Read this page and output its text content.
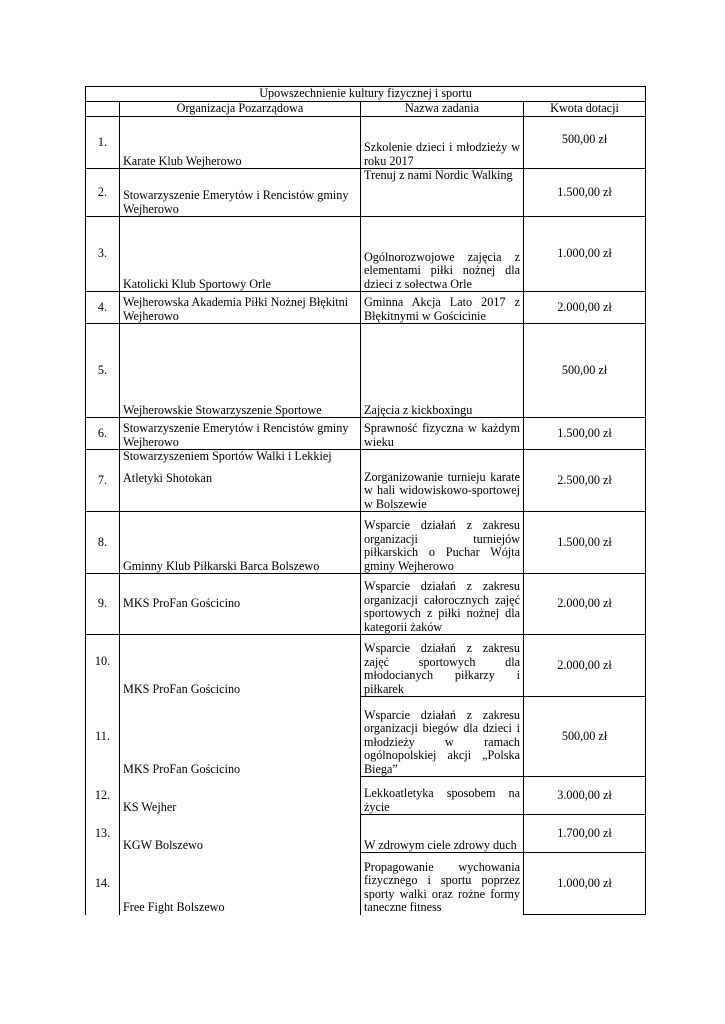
Upowszechnienie kultury fizycznej i sportu			
	Organizacja Pozarządowa	Nazwa zadania	Kwota dotacji
1.	Karate Klub Wejherowo	Szkolenie dzieci i młodzieży w roku 2017	500,00 zł
2.	Stowarzyszenie Emerytów i Rencistów gminy Wejherowo	Trenuj z nami Nordic Walking	1.500,00 zł
3.	Katolicki Klub Sportowy Orle	Ogólnorozwojowe zajęcia z elementami piłki nożnej dla dzieci z sołectwa Orle	1.000,00 zł
4.	Wejherowska Akademia Piłki Nożnej Błękitni Wejherowo	Gminna Akcja Lato 2017 z Błękitnymi w Gościcinie	2.000,00 zł
5.	Wejherowskie Stowarzyszenie Sportowe	Zajęcia z kickboxingu	500,00 zł
6.	Stowarzyszenie Emerytów i Rencistów gminy Wejherowo	Sprawność fizyczna w każdym wieku	1.500,00 zł
7.	Stowarzyszeniem Sportów Walki i Lekkiej
Atletyki Shotokan	Zorganizowanie turnieju karate w hali widowiskowo-sportowej w Bolszewie	2.500,00 zł
8.	Gminny Klub Piłkarski Barca Bolszewo	Wsparcie działań z zakresu organizacji turniejów piłkarskich o Puchar Wójta gminy Wejherowo	1.500,00 zł
9.	MKS ProFan Gościcino	Wsparcie działań z zakresu organizacji całorocznych zajęć sportowych z piłki nożnej dla kategorii żaków	2.000,00 zł
10.	MKS ProFan Gościcino	Wsparcie działań z zakresu zajęć sportowych dla młodocianych piłkarzy i piłkarek	2.000,00 zł
11.	MKS ProFan Gościcino	Wsparcie działań z zakresu organizacji biegów dla dzieci i młodzieży w ramach ogólnopolskiej akcji „Polska Biega”	500,00 zł
12.	KS Wejher	Lekkoatletyka sposobem na życie	3.000,00 zł
13.	KGW Bolszewo	W zdrowym ciele zdrowy duch	1.700,00 zł
14.	Free Fight Bolszewo	Propagowanie wychowania fizycznego i sportu poprzez sporty walki oraz rożne formy taneczne fitness	1.000,00 zł
